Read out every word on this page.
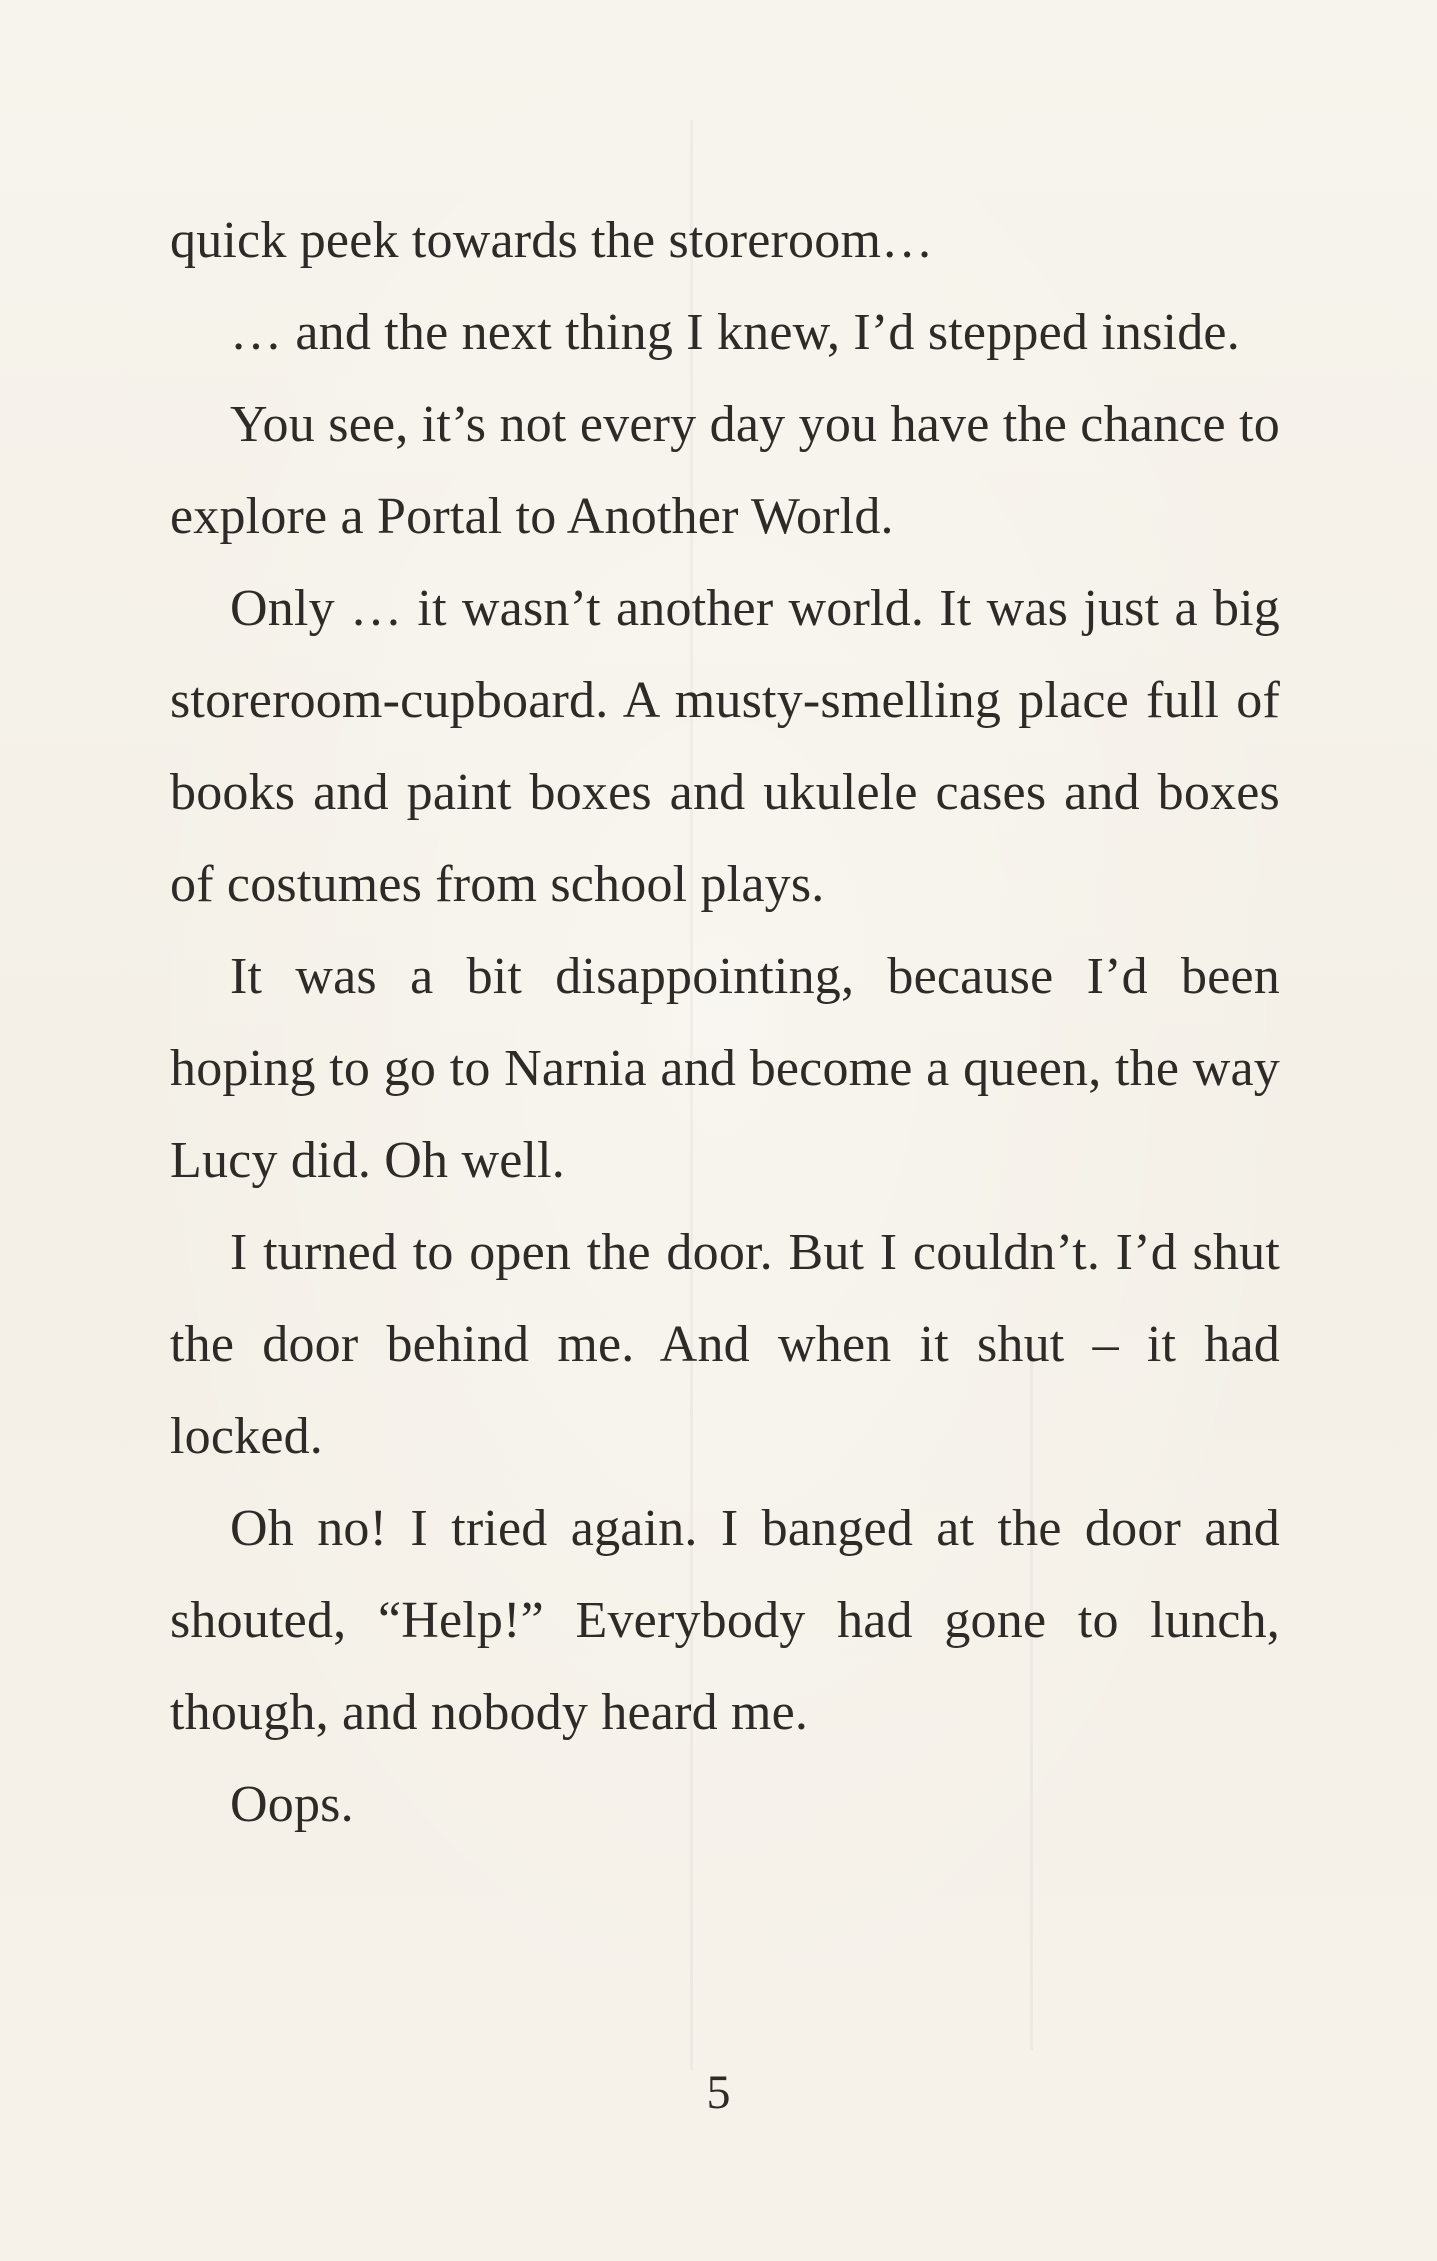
quick peek towards the storeroom…

… and the next thing I knew, I’d stepped inside.

You see, it’s not every day you have the chance to explore a Portal to Another World.

Only … it wasn’t another world. It was just a big storeroom-cupboard. A musty-smelling place full of books and paint boxes and ukulele cases and boxes of costumes from school plays.

It was a bit disappointing, because I’d been hoping to go to Narnia and become a queen, the way Lucy did. Oh well.

I turned to open the door. But I couldn’t. I’d shut the door behind me. And when it shut – it had locked.

Oh no! I tried again. I banged at the door and shouted, “Help!” Everybody had gone to lunch, though, and nobody heard me.

Oops.

5
